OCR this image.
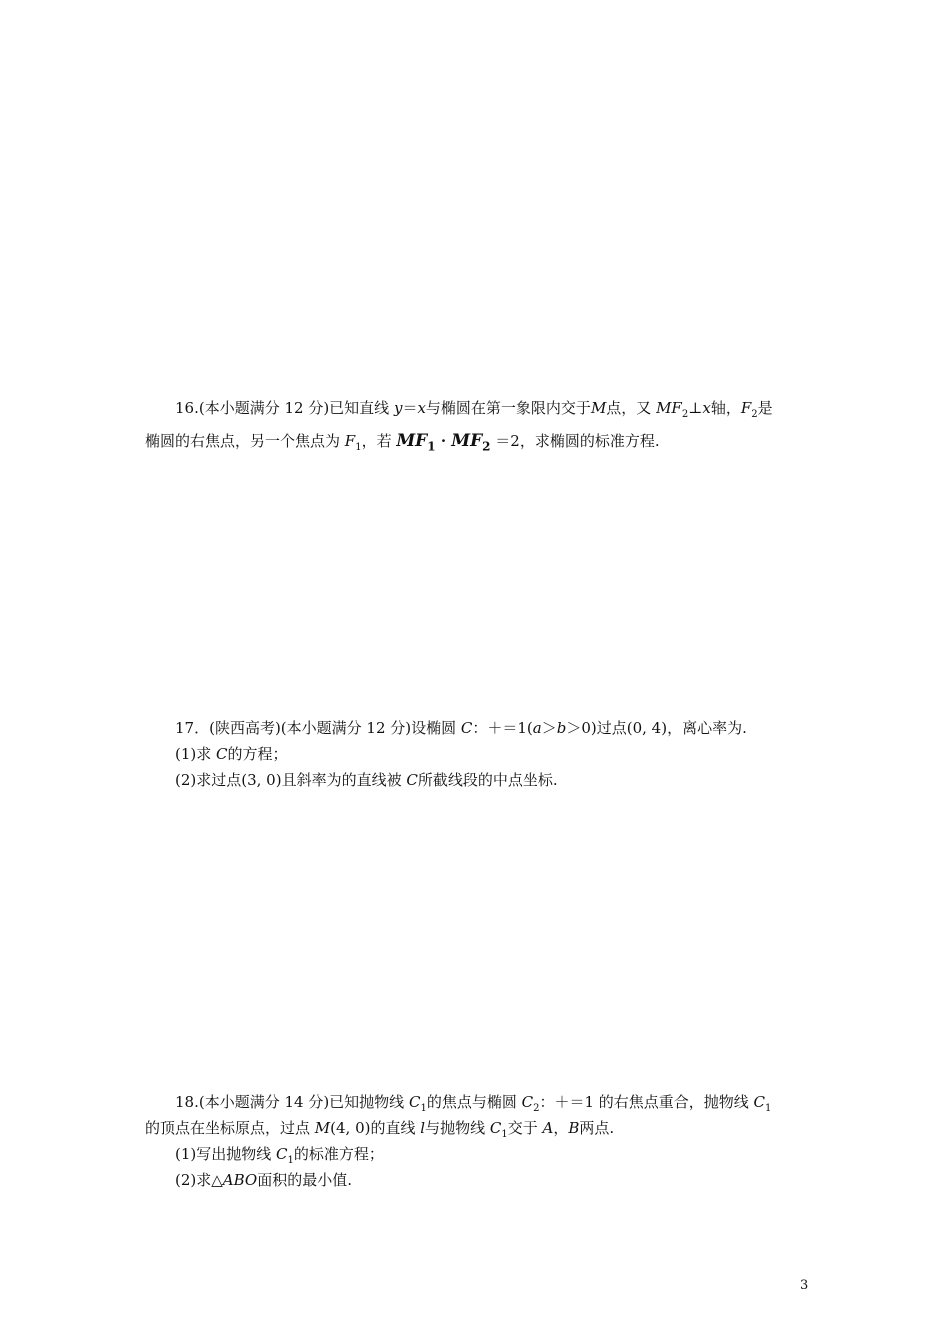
16.(本小题满分 12 分)已知直线 y＝x与椭圆在第一象限内交于M点，又 $MF_2\perp x$轴，$F_2$是
椭圆的右焦点，另一个焦点为 $F_1$，若 $MF_1 \cdot MF_2 =2$，求椭圆的标准方程.
17．(陕西高考)(本小题满分 12 分)设椭圆 C：＋＝1(a＞b＞0)过点(0, 4)，离心率为.
(1)求 C的方程；
(2)求过点(3, 0)且斜率为的直线被 C所截线段的中点坐标.
18.(本小题满分 14 分)已知抛物线 $C_1$的焦点与椭圆 $C_2$：＋＝1 的右焦点重合，抛物线 $C_1$
的顶点在坐标原点，过点 M(4, 0)的直线 l与抛物线 $C_1$交于 A，B两点.
(1)写出抛物线 $C_1$的标准方程；
(2)求△ABO面积的最小值.
3
